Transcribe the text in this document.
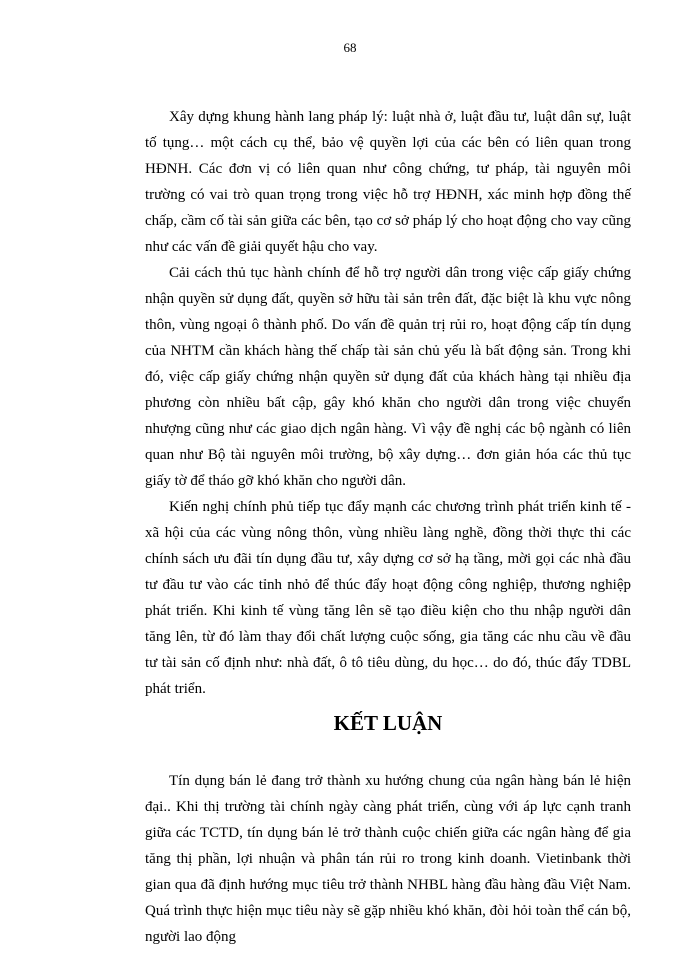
68

Xây dựng khung hành lang pháp lý: luật nhà ở, luật đầu tư, luật dân sự, luật tố tụng… một cách cụ thể, bảo vệ quyền lợi của các bên có liên quan trong HĐNH. Các đơn vị có liên quan như công chứng, tư pháp, tài nguyên môi trường có vai trò quan trọng trong việc hỗ trợ HĐNH, xác minh hợp đồng thế chấp, cầm cố tài sản giữa các bên, tạo cơ sở pháp lý cho hoạt động cho vay cũng như các vấn đề giải quyết hậu cho vay.

Cải cách thủ tục hành chính để hỗ trợ người dân trong việc cấp giấy chứng nhận quyền sử dụng đất, quyền sở hữu tài sản trên đất, đặc biệt là khu vực nông thôn, vùng ngoại ô thành phố. Do vấn đề quản trị rủi ro, hoạt động cấp tín dụng của NHTM cần khách hàng thế chấp tài sản chủ yếu là bất động sản. Trong khi đó, việc cấp giấy chứng nhận quyền sử dụng đất của khách hàng tại nhiều địa phương còn nhiều bất cập, gây khó khăn cho người dân trong việc chuyển nhượng cũng như các giao dịch ngân hàng. Vì vậy đề nghị các bộ ngành có liên quan như Bộ tài nguyên môi trường, bộ xây dựng… đơn giản hóa các thủ tục giấy tờ để tháo gỡ khó khăn cho người dân.

Kiến nghị chính phủ tiếp tục đẩy mạnh các chương trình phát triển kinh tế - xã hội của các vùng nông thôn, vùng nhiều làng nghề, đồng thời thực thi các chính sách ưu đãi tín dụng đầu tư, xây dựng cơ sở hạ tầng, mời gọi các nhà đầu tư đầu tư vào các tỉnh nhỏ để thúc đẩy hoạt động công nghiệp, thương nghiệp phát triển. Khi kinh tế vùng tăng lên sẽ tạo điều kiện cho thu nhập người dân tăng lên, từ đó làm thay đổi chất lượng cuộc sống, gia tăng các nhu cầu về đầu tư tài sản cố định như: nhà đất, ô tô tiêu dùng, du học… do đó, thúc đẩy TDBL phát triển.

KẾT LUẬN

Tín dụng bán lẻ đang trở thành xu hướng chung của ngân hàng bán lẻ hiện đại.. Khi thị trường tài chính ngày càng phát triển, cùng với áp lực cạnh tranh giữa các TCTD, tín dụng bán lẻ trở thành cuộc chiến giữa các ngân hàng để gia tăng thị phần, lợi nhuận và phân tán rủi ro trong kinh doanh. Vietinbank thời gian qua đã định hướng mục tiêu trở thành NHBL hàng đầu hàng đầu Việt Nam. Quá trình thực hiện mục tiêu này sẽ gặp nhiều khó khăn, đòi hỏi toàn thể cán bộ, người lao động
